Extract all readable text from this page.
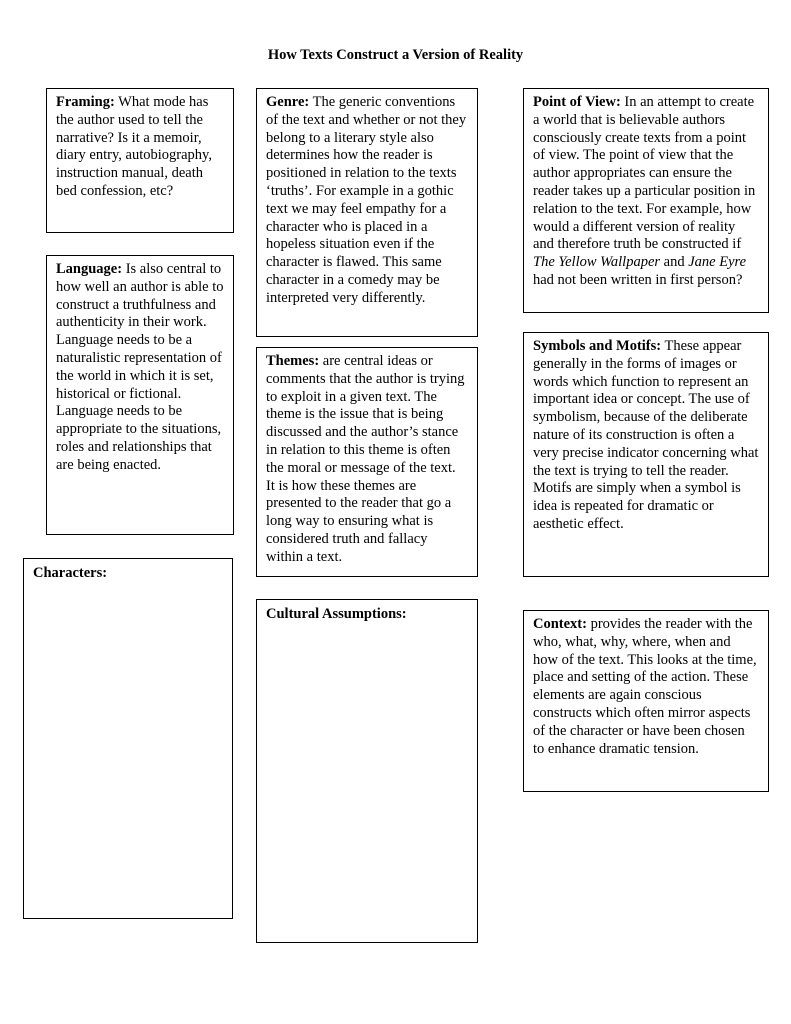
How Texts Construct a Version of Reality
Framing: What mode has the author used to tell the narrative? Is it a memoir, diary entry, autobiography, instruction manual, death bed confession, etc?
Language: Is also central to how well an author is able to construct a truthfulness and authenticity in their work. Language needs to be a naturalistic representation of the world in which it is set, historical or fictional. Language needs to be appropriate to the situations, roles and relationships that are being enacted.
Characters:
Genre: The generic conventions of the text and whether or not they belong to a literary style also determines how the reader is positioned in relation to the texts ‘truths’. For example in a gothic text we may feel empathy for a character who is placed in a hopeless situation even if the character is flawed. This same character in a comedy may be interpreted very differently.
Themes: are central ideas or comments that the author is trying to exploit in a given text. The theme is the issue that is being discussed and the author’s stance in relation to this theme is often the moral or message of the text. It is how these themes are presented to the reader that go a long way to ensuring what is considered truth and fallacy within a text.
Cultural Assumptions:
Point of View: In an attempt to create a world that is believable authors consciously create texts from a point of view. The point of view that the author appropriates can ensure the reader takes up a particular position in relation to the text. For example, how would a different version of reality and therefore truth be constructed if The Yellow Wallpaper and Jane Eyre had not been written in first person?
Symbols and Motifs: These appear generally in the forms of images or words which function to represent an important idea or concept. The use of symbolism, because of the deliberate nature of its construction is often a very precise indicator concerning what the text is trying to tell the reader. Motifs are simply when a symbol is idea is repeated for dramatic or aesthetic effect.
Context: provides the reader with the who, what, why, where, when and how of the text. This looks at the time, place and setting of the action. These elements are again conscious constructs which often mirror aspects of the character or have been chosen to enhance dramatic tension.
